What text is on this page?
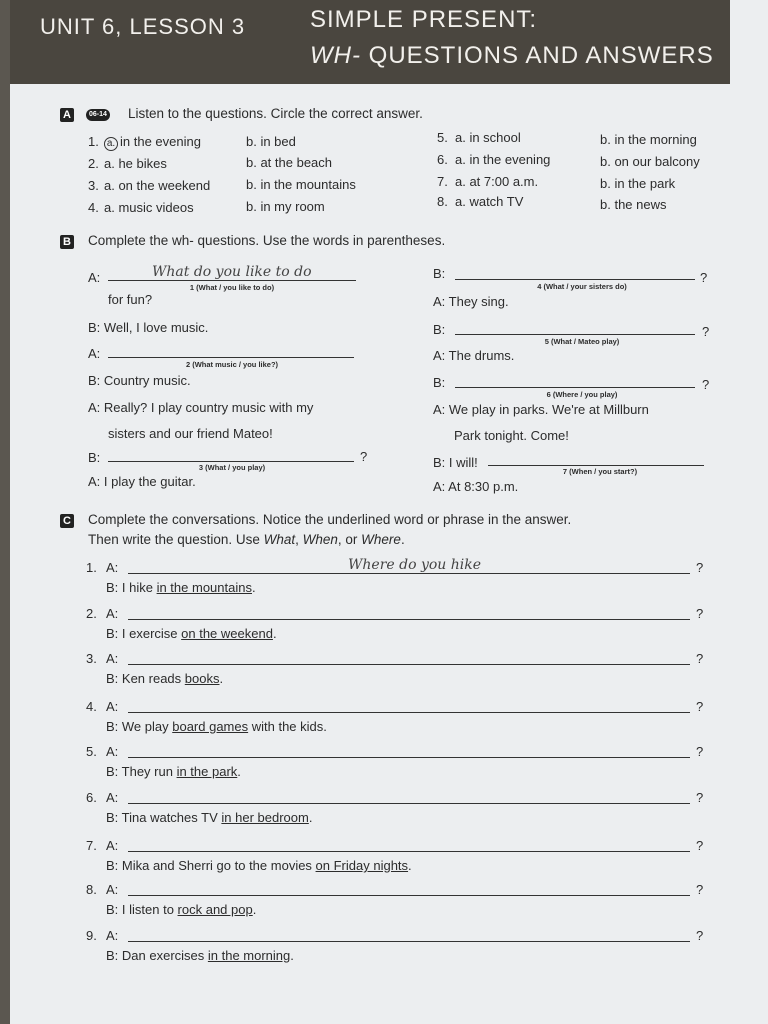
UNIT 6, LESSON 3	SIMPLE PRESENT:
WH- QUESTIONS AND ANSWERS
A	06-14 Listen to the questions. Circle the correct answer.
1. a. in the evening	b. in bed
2. a. he bikes	b. at the beach
3. a. on the weekend	b. in the mountains
4. a. music videos	b. in my room
5. a. in school	b. in the morning
6. a. in the evening	b. on our balcony
7. a. at 7:00 a.m.	b. in the park
8. a. watch TV	b. the news
B Complete the wh- questions. Use the words in parentheses.
A:	What do you like to do
1 (What / you like to do)
for fun?
B: Well, I love music.
A:
2 (What music / you like?)
B: Country music.
A: Really? I play country music with my
sisters and our friend Mateo!
B:	?
3 (What / you play)
A: I play the guitar.
B:	?
4 (What / your sisters do)
A: They sing.
B:	?
5 (What / Mateo play)
A: The drums.
B:	?
6 (Where / you play)
A: We play in parks. We're at Millburn
Park tonight. Come!
B: I will!
7 (When / you start?)
A: At 8:30 p.m.
C Complete the conversations. Notice the underlined word or phrase in the answer.
Then write the question. Use What, When, or Where.
1. A:	Where do you hike	?
B: I hike in the mountains.
2. A:	?
B: I exercise on the weekend.
3. A:	?
B: Ken reads books.
4. A:	?
B: We play board games with the kids.
5. A:	?
B: They run in the park.
6. A:	?
B: Tina watches TV in her bedroom.
7. A:	?
B: Mika and Sherri go to the movies on Friday nights.
8. A:	?
B: I listen to rock and pop.
9. A:	?
B: Dan exercises in the morning.
